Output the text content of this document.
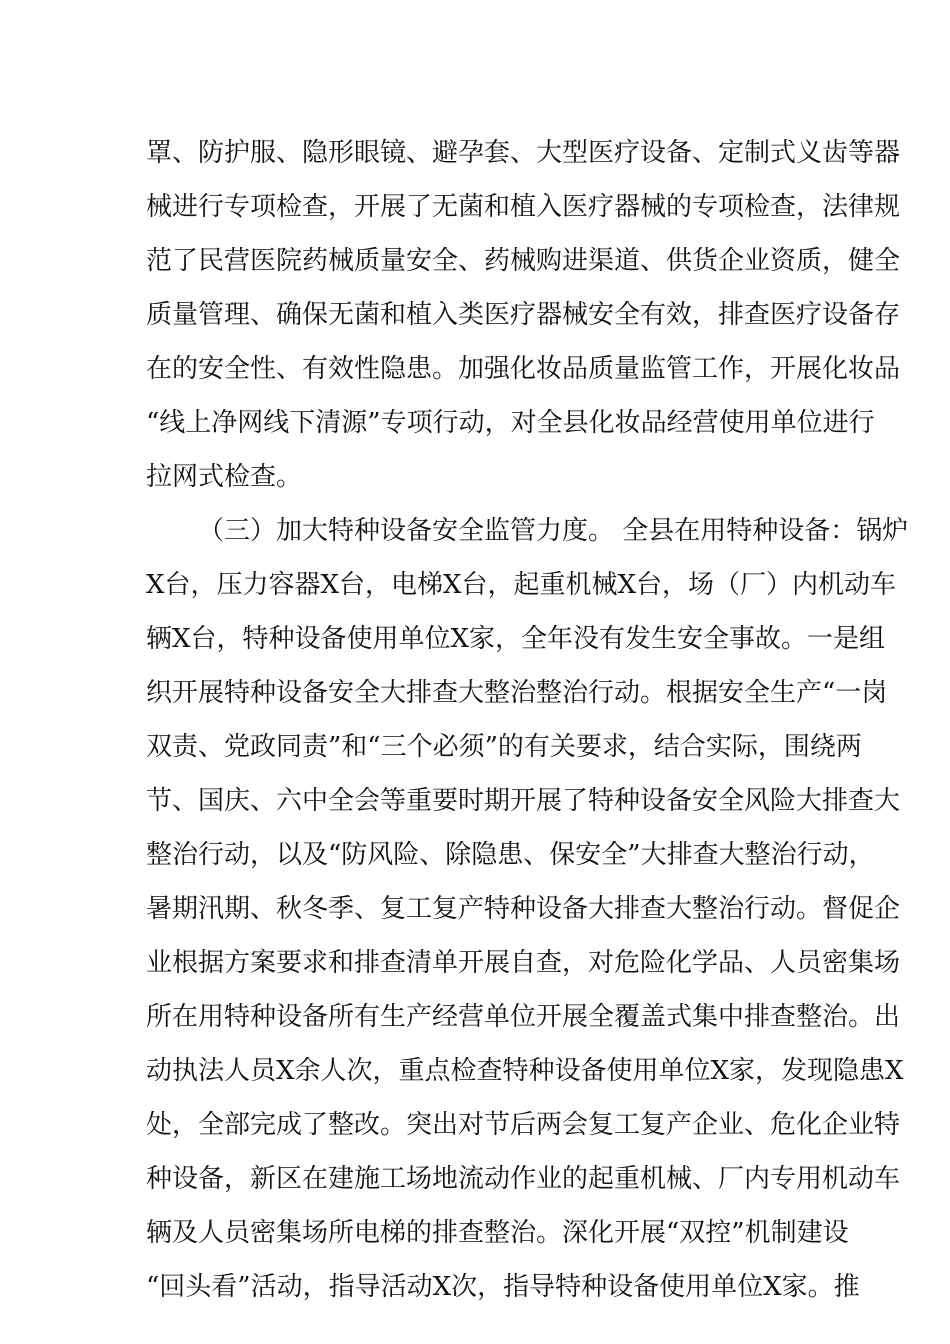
罩、防护服、隐形眼镜、避孕套、大型医疗设备、定制式义齿等器
械进行专项检查，开展了无菌和植入医疗器械的专项检查，法律规
范了民营医院药械质量安全、药械购进渠道、供货企业资质，健全
质量管理、确保无菌和植入类医疗器械安全有效，排查医疗设备存
在的安全性、有效性隐患。加强化妆品质量监管工作，开展化妆品
“线上净网线下清源”专项行动，对全县化妆品经营使用单位进行
拉网式检查。
（三）加大特种设备安全监管力度。 全县在用特种设备：锅炉
X台，压力容器X台，电梯X台，起重机械X台，场（厂）内机动车
辆X台，特种设备使用单位X家，全年没有发生安全事故。一是组
织开展特种设备安全大排查大整治整治行动。根据安全生产“一岗
双责、党政同责”和“三个必须”的有关要求，结合实际，围绕两
节、国庆、六中全会等重要时期开展了特种设备安全风险大排查大
整治行动，以及“防风险、除隐患、保安全”大排查大整治行动，
暑期汛期、秋冬季、复工复产特种设备大排查大整治行动。督促企
业根据方案要求和排查清单开展自查，对危险化学品、人员密集场
所在用特种设备所有生产经营单位开展全覆盖式集中排查整治。出
动执法人员X余人次，重点检查特种设备使用单位X家，发现隐患X
处，全部完成了整改。突出对节后两会复工复产企业、危化企业特
种设备，新区在建施工场地流动作业的起重机械、厂内专用机动车
辆及人员密集场所电梯的排查整治。深化开展“双控”机制建设
“回头看”活动，指导活动X次，指导特种设备使用单位X家。推
